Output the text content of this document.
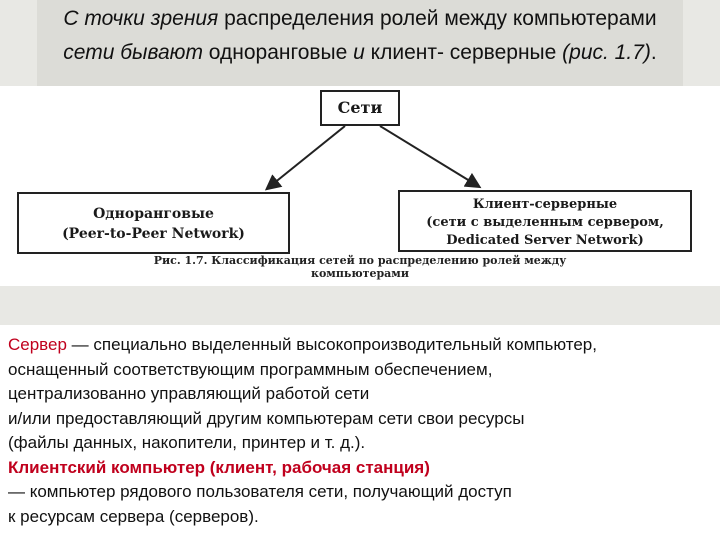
С точки зрения распределения ролей между компьютерами
сети бывают одноранговые и клиент- серверные (рис. 1.7).
Сети
Одноранговые
(Peer-to-Peer Network)
Клиент-серверные
(сети с выделенным сервером,
Dedicated Server Network)
Рис. 1.7. Классификация сетей по распределению ролей между
компьютерами
Сервер — специально выделенный высокопроизводительный компьютер,
оснащенный соответствующим программным обеспечением,
централизованно управляющий работой сети
и/или предоставляющий другим компьютерам сети свои ресурсы
(файлы данных, накопители, принтер и т. д.).
Клиентский компьютер (клиент, рабочая станция)
— компьютер рядового пользователя сети, получающий доступ
к ресурсам сервера (серверов).
